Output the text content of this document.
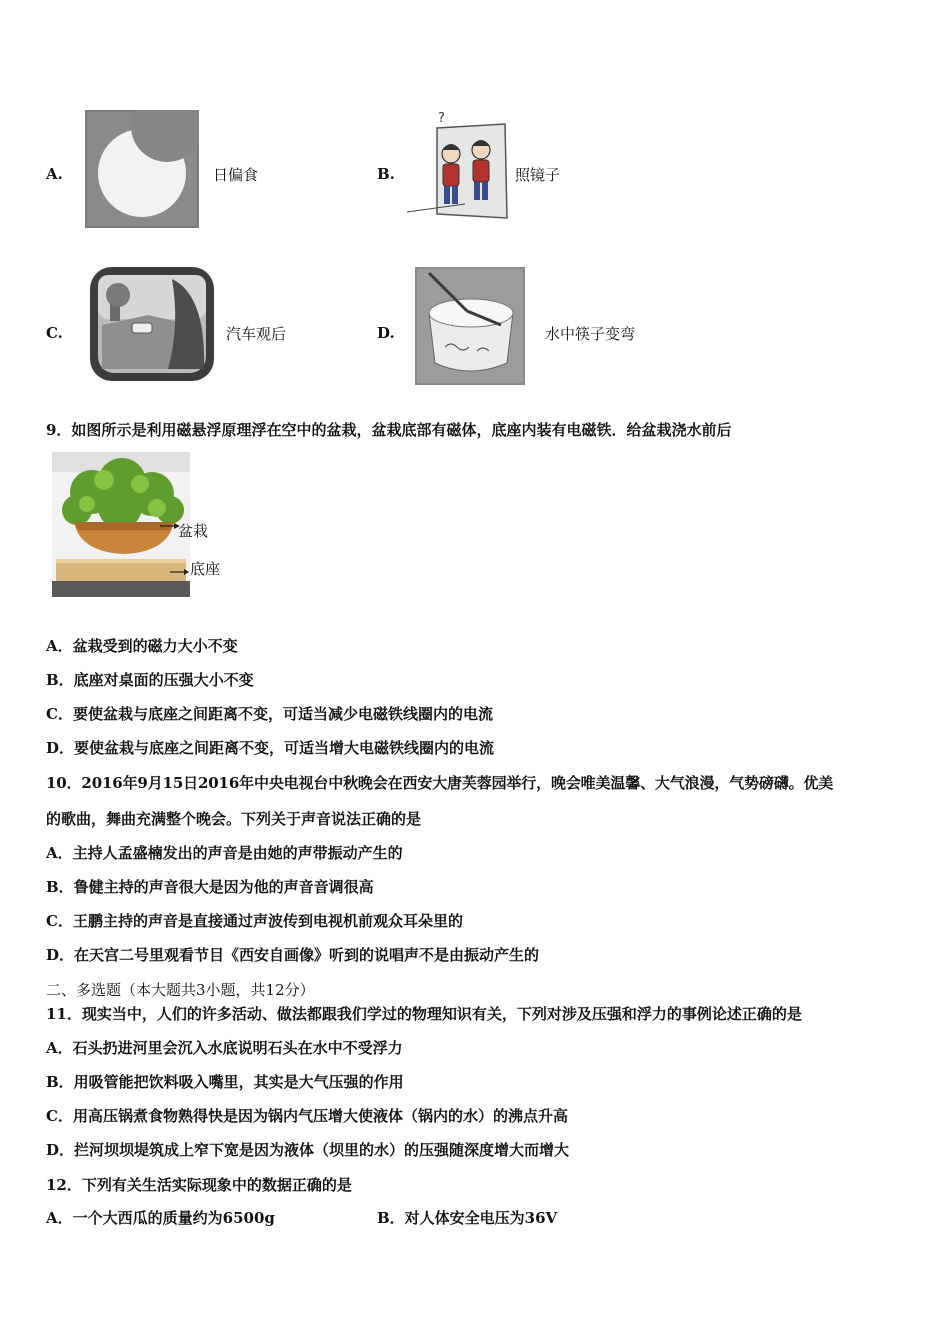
A.	日偏食	B.
?
照镜子
C.	汽车观后	D.	水中筷子变弯
9．如图所示是利用磁悬浮原理浮在空中的盆栽，盆栽底部有磁体，底座内装有电磁铁．给盆栽浇水前后
盆栽
底座
A．盆栽受到的磁力大小不变
B．底座对桌面的压强大小不变
C．要使盆栽与底座之间距离不变，可适当减少电磁铁线圈内的电流
D．要使盆栽与底座之间距离不变，可适当增大电磁铁线圈内的电流
10．2016年9月15日2016年中央电视台中秋晚会在西安大唐芙蓉园举行，晚会唯美温馨、大气浪漫，气势磅礴。优美
的歌曲，舞曲充满整个晚会。下列关于声音说法正确的是
A．主持人孟盛楠发出的声音是由她的声带振动产生的
B．鲁健主持的声音很大是因为他的声音音调很高
C．王鹏主持的声音是直接通过声波传到电视机前观众耳朵里的
D．在天宫二号里观看节目《西安自画像》听到的说唱声不是由振动产生的
二、多选题（本大题共3小题，共12分）
11．现实当中，人们的许多活动、做法都跟我们学过的物理知识有关，下列对涉及压强和浮力的事例论述正确的是
A．石头扔进河里会沉入水底说明石头在水中不受浮力
B．用吸管能把饮料吸入嘴里，其实是大气压强的作用
C．用高压锅煮食物熟得快是因为锅内气压增大使液体（锅内的水）的沸点升高
D．拦河坝坝堤筑成上窄下宽是因为液体（坝里的水）的压强随深度增大而增大
12．下列有关生活实际现象中的数据正确的是
A．一个大西瓜的质量约为6500g	B．对人体安全电压为36V
